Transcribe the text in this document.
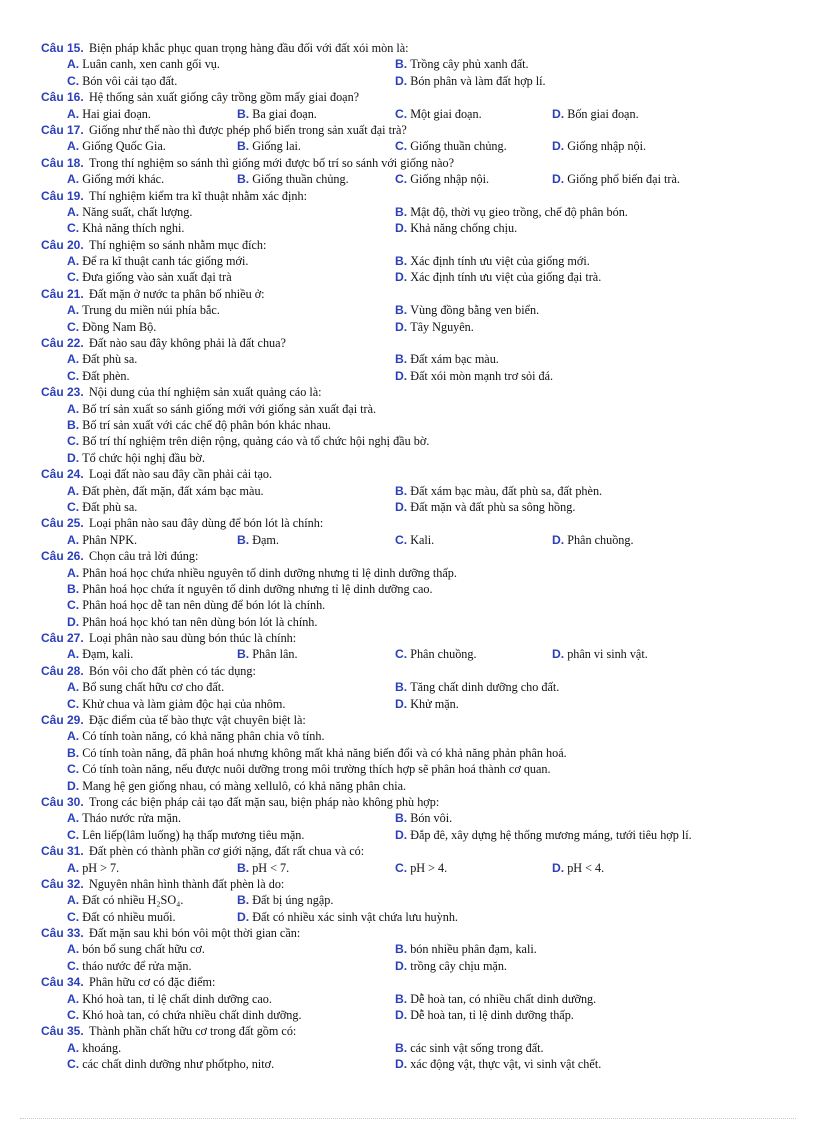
Câu 15. Biện pháp khắc phục quan trọng hàng đầu đối với đất xói mòn là:
A. Luân canh, xen canh gối vụ.	B. Trồng cây phủ xanh đất.
C. Bón vôi cải tạo đất.	D. Bón phân và làm đất hợp lí.
Câu 16. Hệ thống sản xuất giống cây trồng gồm mấy giai đoạn?
A. Hai giai đoạn.	B. Ba giai đoạn.	C. Một giai đoạn.	D. Bốn giai đoạn.
Câu 17. Giống như thế nào thì được phép phổ biến trong sản xuất đại trà?
A. Giống Quốc Gia.	B. Giống lai.	C. Giống thuần chủng.	D. Giống nhập nội.
Câu 18. Trong thí nghiệm so sánh thì giống mới được bố trí so sánh với giống nào?
A. Giống mới khác.	B. Giống thuần chủng.	C. Giống nhập nội.	D. Giống phổ biến đại trà.
Câu 19. Thí nghiệm kiểm tra kĩ thuật nhằm xác định:
A. Năng suất, chất lượng.	B. Mật độ, thời vụ gieo trồng, chế độ phân bón.
C. Khả năng thích nghi.	D. Khả năng chống chịu.
Câu 20. Thí nghiệm so sánh nhằm mục đích:
A. Để ra kĩ thuật canh tác giống mới.	B. Xác định tính ưu việt của giống mới.
C. Đưa giống vào sản xuất đại trà	D. Xác định tính ưu việt của giống đại trà.
Câu 21. Đất mặn ở nước ta phân bố nhiều ở:
A. Trung du miền núi phía bắc.	B. Vùng đồng bằng ven biển.
C. Đồng Nam Bộ.	D. Tây Nguyên.
Câu 22. Đất nào sau đây không phải là đất chua?
A. Đất phù sa.	B. Đất xám bạc màu.
C. Đất phèn.	D. Đất xói mòn mạnh trơ sỏi đá.
Câu 23. Nội dung của thí nghiệm sản xuất quảng cáo là:
A. Bố trí sản xuất so sánh giống mới với giống sản xuất đại trà.
B. Bố trí sản xuất với các chế độ phân bón khác nhau.
C. Bố trí thí nghiệm trên diện rộng, quảng cáo và tổ chức hội nghị đầu bờ.
D. Tổ chức hội nghị đầu bờ.
Câu 24. Loại đất nào sau đây cần phải cải tạo.
A. Đất phèn, đất mặn, đất xám bạc màu.	B. Đất xám bạc màu, đất phù sa, đất phèn.
C. Đất phù sa.	D. Đất mặn và đất phù sa sông hồng.
Câu 25. Loại phân nào sau đây dùng để bón lót là chính:
A. Phân NPK.	B. Đạm.	C. Kali.	D. Phân chuồng.
Câu 26. Chọn câu trả lời đúng:
A. Phân hoá học chứa nhiều nguyên tố dinh dưỡng nhưng tỉ lệ dinh dưỡng thấp.
B. Phân hoá học chứa ít nguyên tố dinh dưỡng nhưng tỉ lệ dinh dưỡng cao.
C. Phân hoá học dễ tan nên dùng để bón lót là chính.
D. Phân hoá học khó tan nên dùng bón lót là chính.
Câu 27. Loại phân nào sau dùng bón thúc là chính:
A. Đạm, kali.	B. Phân lân.	C. Phân chuồng.	D. phân vi sinh vật.
Câu 28. Bón vôi cho đất phèn có tác dụng:
A. Bổ sung chất hữu cơ cho đất.	B. Tăng chất dinh dưỡng cho đất.
C. Khử chua và làm giảm độc hại của nhôm.	D. Khử mặn.
Câu 29. Đặc điểm của tế bào thực vật chuyên biệt là:
A. Có tính toàn năng, có khả năng phân chia vô tính.
B. Có tính toàn năng, đã phân hoá nhưng không mất khả năng biến đổi và có khả năng phản phân hoá.
C. Có tính toàn năng, nếu được nuôi dưỡng trong môi trường thích hợp sẽ phân hoá thành cơ quan.
D. Mang hệ gen giống nhau, có màng xellulô, có khả năng phân chia.
Câu 30. Trong các biện pháp cải tạo đất mặn sau, biện pháp nào không phù hợp:
A. Tháo nước rửa mặn.	B. Bón vôi.
C. Lên liếp(lâm luống) hạ thấp mương tiêu mặn.	D. Đắp đê, xây dựng hệ thống mương máng, tưới tiêu hợp lí.
Câu 31. Đất phèn có thành phần cơ giới nặng, đất rất chua và có:
A. pH > 7.	B. pH < 7.	C. pH > 4.	D. pH < 4.
Câu 32. Nguyên nhân hình thành đất phèn là do:
A. Đất có nhiều H₂SO₄.	B. Đất bị úng ngập.
C. Đất có nhiều muối.	D. Đất có nhiều xác sinh vật chứa lưu huỳnh.
Câu 33. Đất mặn sau khi bón vôi một thời gian cần:
A. bón bổ sung chất hữu cơ.	B. bón nhiều phân đạm, kali.
C. tháo nước để rửa mặn.	D. trồng cây chịu mặn.
Câu 34. Phân hữu cơ có đặc điểm:
A. Khó hoà tan, tỉ lệ chất dinh dưỡng cao.	B. Dễ hoà tan, có nhiều chất dinh dưỡng.
C. Khó hoà tan, có chứa nhiều chất dinh dưỡng.	D. Dễ hoà tan, tỉ lệ dinh dưỡng thấp.
Câu 35. Thành phần chất hữu cơ trong đất gồm có:
A. khoáng.	B. các sinh vật sống trong đất.
C. các chất dinh dưỡng như phốtpho, nitơ.	D. xác động vật, thực vật, vi sinh vật chết.
